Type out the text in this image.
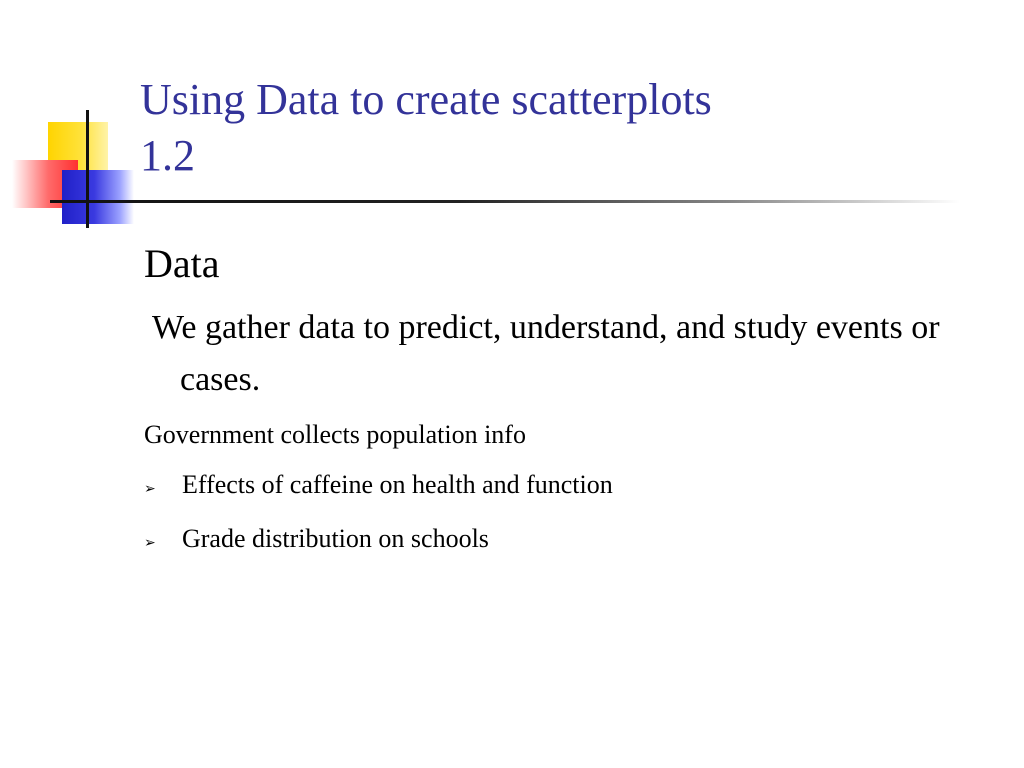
Using Data to create scatterplots
1.2
Data
We gather data to predict, understand, and study events or cases.
Government collects population info
➢	Effects of caffeine on health and function
➢	Grade distribution on schools
